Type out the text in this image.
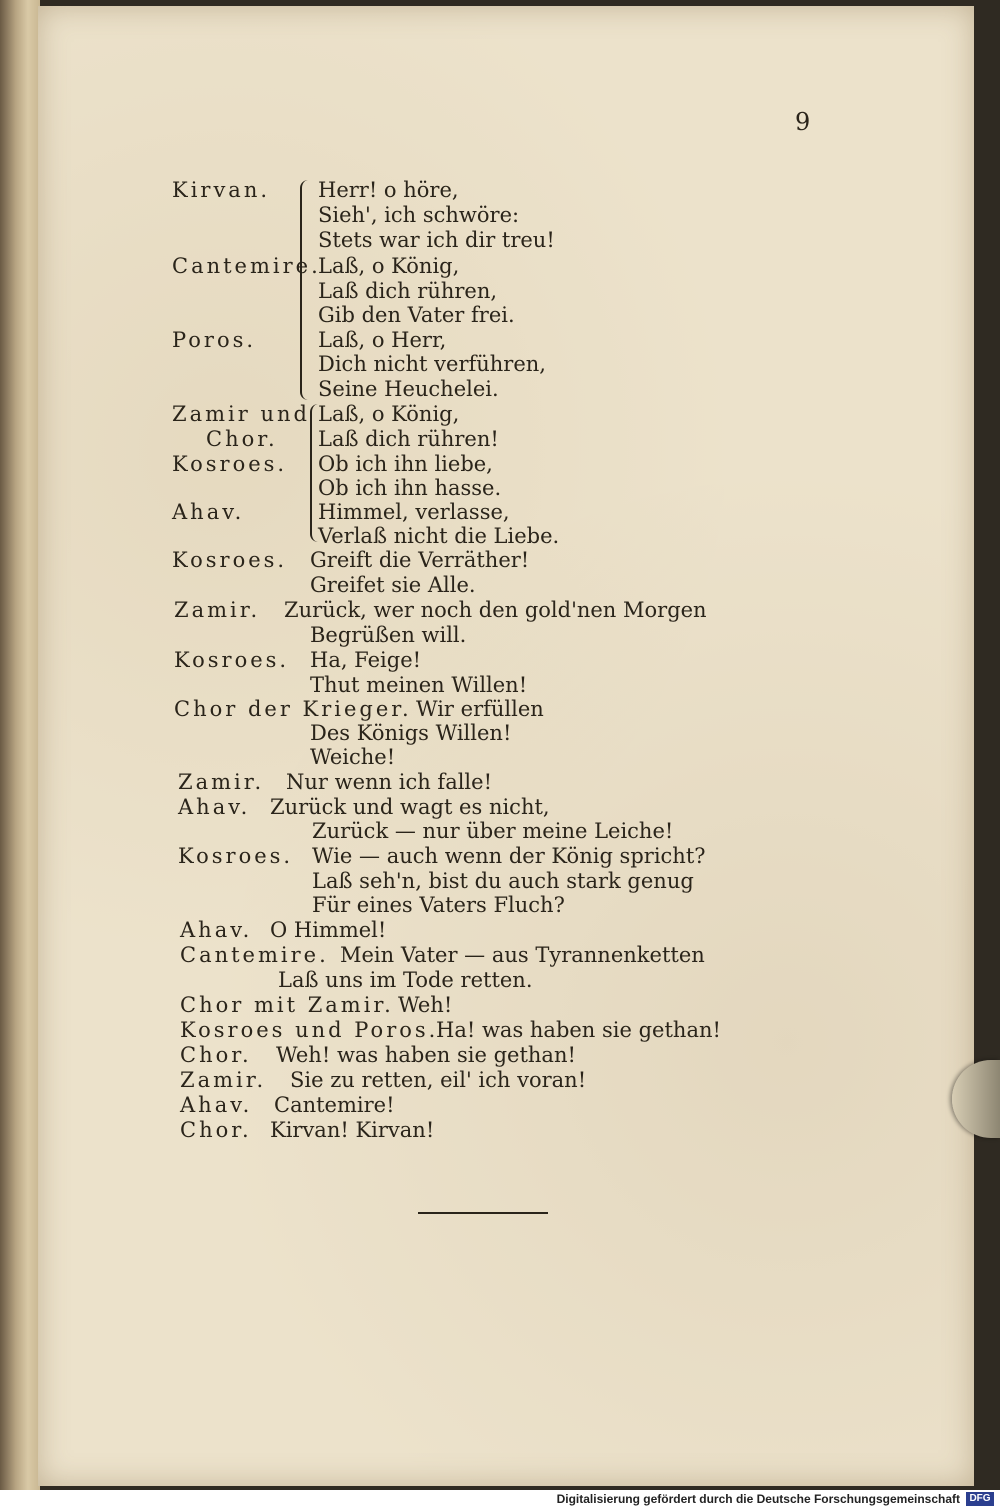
9
Kirvan.
Cantemire.
Poros.
Zamir und
Chor.
Kosroes.
Ahav.
Herr! o höre,
Sieh', ich schwöre:
Stets war ich dir treu!
Laß, o König,
Laß dich rühren,
Gib den Vater frei.
Laß, o Herr,
Dich nicht verführen,
Seine Heuchelei.
Laß, o König,
Laß dich rühren!
Ob ich ihn liebe,
Ob ich ihn hasse.
Himmel, verlasse,
Verlaß nicht die Liebe.
Kosroes. Greift die Verräther!
Greifet sie Alle.
Zamir. Zurück, wer noch den gold'nen Morgen
Begrüßen will.
Kosroes. Ha, Feige!
Thut meinen Willen!
Chor der Krieger. Wir erfüllen
Des Königs Willen!
Weiche!
Zamir. Nur wenn ich falle!
Ahav. Zurück und wagt es nicht,
Zurück — nur über meine Leiche!
Kosroes. Wie — auch wenn der König spricht?
Laß seh'n, bist du auch stark genug
Für eines Vaters Fluch?
Ahav. O Himmel!
Cantemire. Mein Vater — aus Tyrannenketten
Laß uns im Tode retten.
Chor mit Zamir. Weh!
Kosroes und Poros.
Ha! was haben sie gethan!
Chor. Weh! was haben sie gethan!
Zamir. Sie zu retten, eil' ich voran!
Ahav. Cantemire!
Chor. Kirvan! Kirvan!
Digitalisierung gefördert durch die Deutsche Forschungsgemeinschaft DFG
